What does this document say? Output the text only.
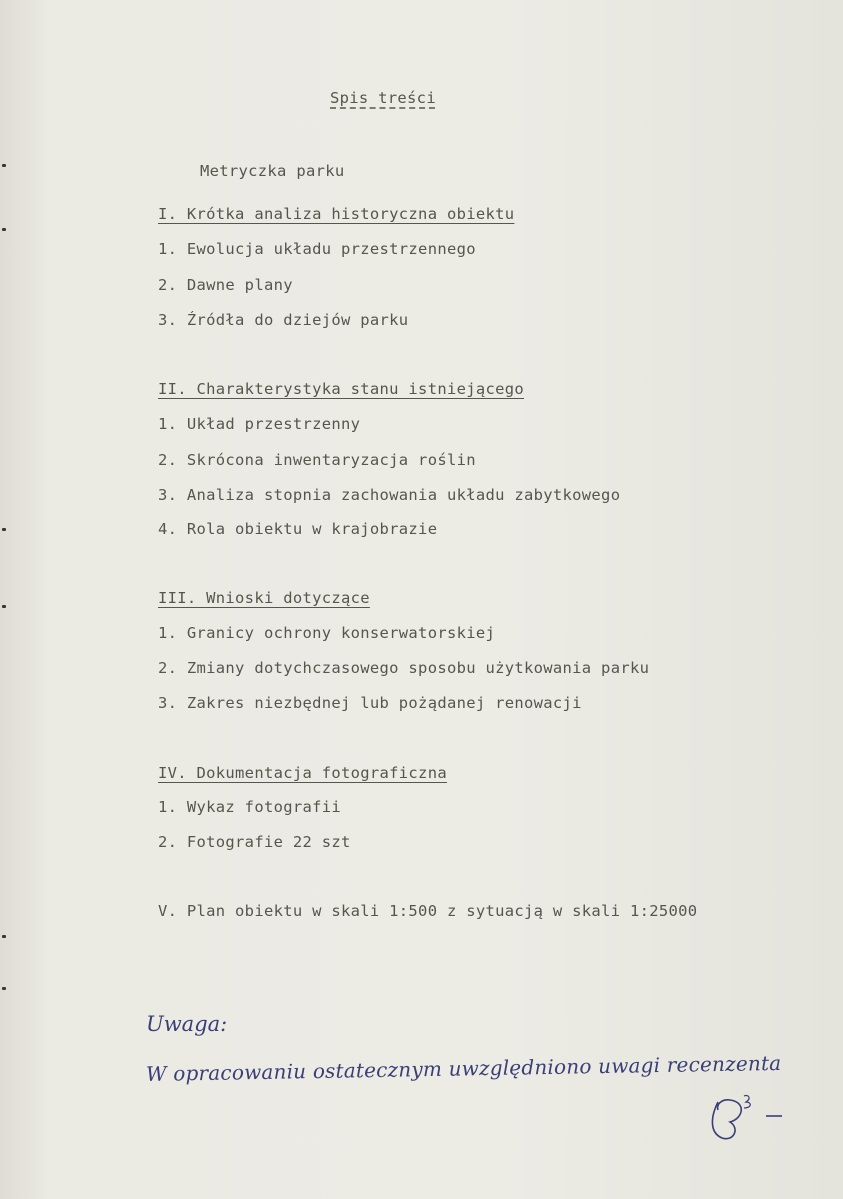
Spis treści
Metryczka parku
I. Krótka analiza historyczna obiektu
1. Ewolucja układu przestrzennego
2. Dawne plany
3. Źródła do dziejów parku
II. Charakterystyka stanu istniejącego
1. Układ przestrzenny
2. Skrócona inwentaryzacja roślin
3. Analiza stopnia zachowania układu zabytkowego
4. Rola obiektu w krajobrazie
III. Wnioski dotyczące
1. Granicy ochrony konserwatorskiej
2. Zmiany dotychczasowego sposobu użytkowania parku
3. Zakres niezbędnej lub pożądanej renowacji
IV. Dokumentacja fotograficzna
1. Wykaz fotografii
2. Fotografie 22 szt
V. Plan obiektu w skali 1:500 z sytuacją w skali 1:25000
Uwaga:
W opracowaniu ostatecznym uwzględniono uwagi recenzenta
